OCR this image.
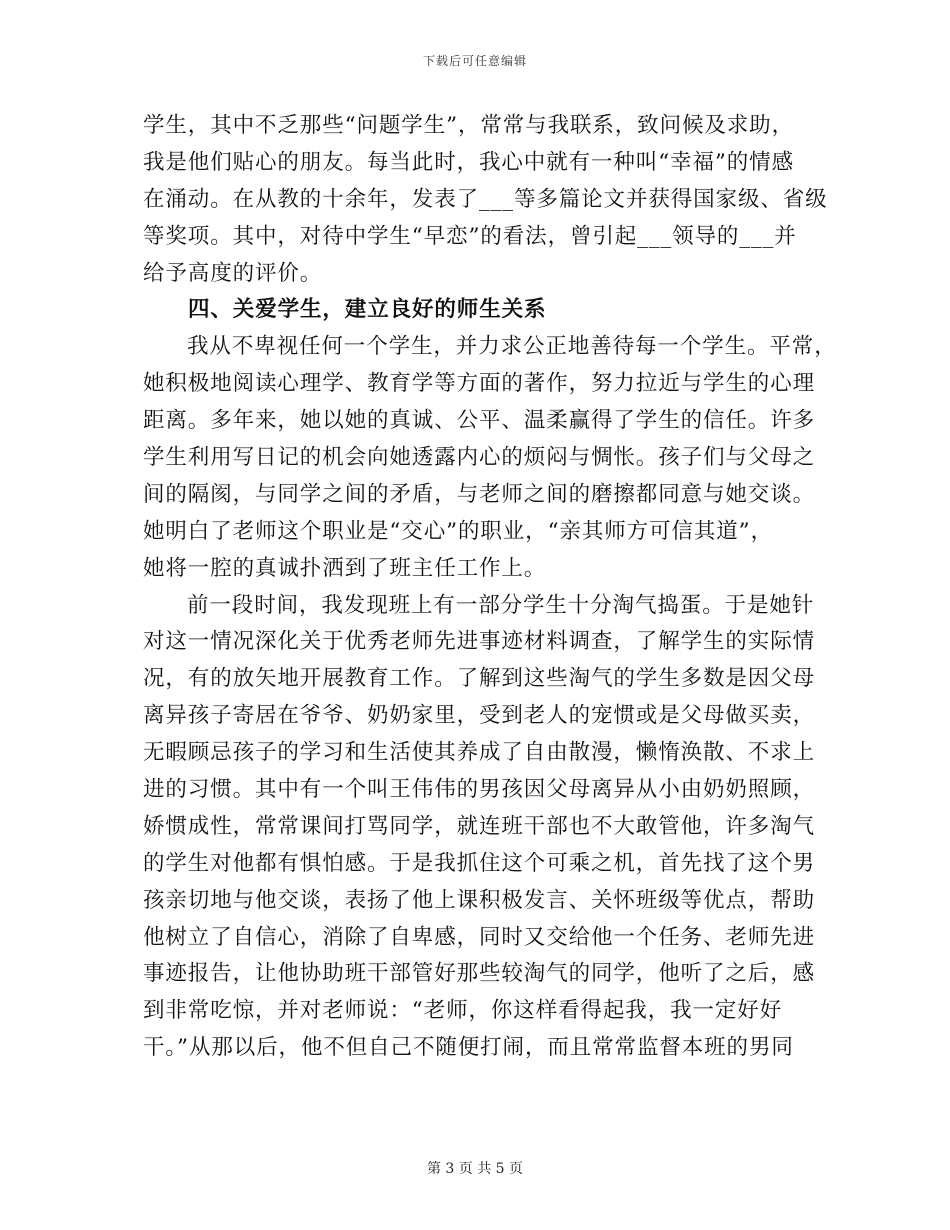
下载后可任意编辑
学生，其中不乏那些“问题学生”，常常与我联系，致问候及求助，
我是他们贴心的朋友。每当此时，我心中就有一种叫“幸福”的情感
在涌动。在从教的十余年，发表了___等多篇论文并获得国家级、省级
等奖项。其中，对待中学生“早恋”的看法，曾引起___领导的___并
给予高度的评价。
四、关爱学生，建立良好的师生关系
我从不卑视任何一个学生，并力求公正地善待每一个学生。平常，
她积极地阅读心理学、教育学等方面的著作，努力拉近与学生的心理
距离。多年来，她以她的真诚、公平、温柔赢得了学生的信任。许多
学生利用写日记的机会向她透露内心的烦闷与惆怅。孩子们与父母之
间的隔阂，与同学之间的矛盾，与老师之间的磨擦都同意与她交谈。
她明白了老师这个职业是“交心”的职业，“亲其师方可信其道”，
她将一腔的真诚扑洒到了班主任工作上。
前一段时间，我发现班上有一部分学生十分淘气捣蛋。于是她针
对这一情况深化关于优秀老师先进事迹材料调查，了解学生的实际情
况，有的放矢地开展教育工作。了解到这些淘气的学生多数是因父母
离异孩子寄居在爷爷、奶奶家里，受到老人的宠惯或是父母做买卖，
无暇顾忌孩子的学习和生活使其养成了自由散漫，懒惰涣散、不求上
进的习惯。其中有一个叫王伟伟的男孩因父母离异从小由奶奶照顾，
娇惯成性，常常课间打骂同学，就连班干部也不大敢管他，许多淘气
的学生对他都有惧怕感。于是我抓住这个可乘之机，首先找了这个男
孩亲切地与他交谈，表扬了他上课积极发言、关怀班级等优点，帮助
他树立了自信心，消除了自卑感，同时又交给他一个任务、老师先进
事迹报告，让他协助班干部管好那些较淘气的同学，他听了之后，感
到非常吃惊，并对老师说：“老师，你这样看得起我，我一定好好
干。”从那以后，他不但自己不随便打闹，而且常常监督本班的男同
第 3 页 共 5 页
